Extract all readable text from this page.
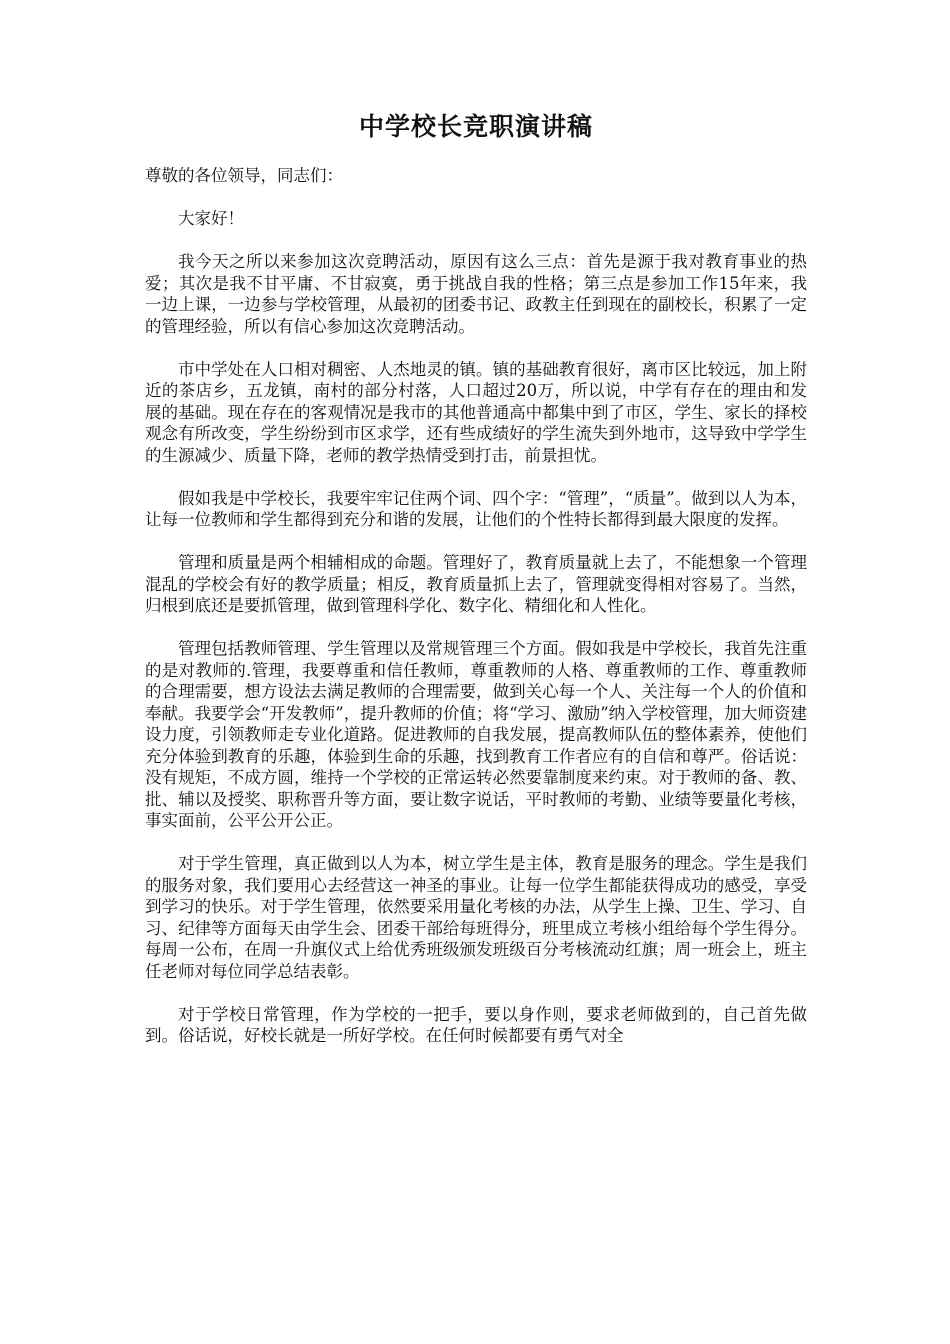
中学校长竞职演讲稿

尊敬的各位领导，同志们：

大家好！

我今天之所以来参加这次竞聘活动，原因有这么三点：首先是源于我对教育事业的热爱；其次是我不甘平庸、不甘寂寞，勇于挑战自我的性格；第三点是参加工作15年来，我一边上课，一边参与学校管理，从最初的团委书记、政教主任到现在的副校长，积累了一定的管理经验，所以有信心参加这次竞聘活动。

市中学处在人口相对稠密、人杰地灵的镇。镇的基础教育很好，离市区比较远，加上附近的茶店乡，五龙镇，南村的部分村落，人口超过20万，所以说，中学有存在的理由和发展的基础。现在存在的客观情况是我市的其他普通高中都集中到了市区，学生、家长的择校观念有所改变，学生纷纷到市区求学，还有些成绩好的学生流失到外地市，这导致中学学生的生源减少、质量下降，老师的教学热情受到打击，前景担忧。

假如我是中学校长，我要牢牢记住两个词、四个字：“管理”，“质量”。做到以人为本，让每一位教师和学生都得到充分和谐的发展，让他们的个性特长都得到最大限度的发挥。

管理和质量是两个相辅相成的命题。管理好了，教育质量就上去了，不能想象一个管理混乱的学校会有好的教学质量；相反，教育质量抓上去了，管理就变得相对容易了。当然，归根到底还是要抓管理，做到管理科学化、数字化、精细化和人性化。

管理包括教师管理、学生管理以及常规管理三个方面。假如我是中学校长，我首先注重的是对教师的.管理，我要尊重和信任教师，尊重教师的人格、尊重教师的工作、尊重教师的合理需要，想方设法去满足教师的合理需要，做到关心每一个人、关注每一个人的价值和奉献。我要学会“开发教师”，提升教师的价值；将“学习、激励”纳入学校管理，加大师资建设力度，引领教师走专业化道路。促进教师的自我发展，提高教师队伍的整体素养，使他们充分体验到教育的乐趣，体验到生命的乐趣，找到教育工作者应有的自信和尊严。俗话说：没有规矩，不成方圆，维持一个学校的正常运转必然要靠制度来约束。对于教师的备、教、批、辅以及授奖、职称晋升等方面，要让数字说话，平时教师的考勤、业绩等要量化考核，事实面前，公平公开公正。

对于学生管理，真正做到以人为本，树立学生是主体，教育是服务的理念。学生是我们的服务对象，我们要用心去经营这一神圣的事业。让每一位学生都能获得成功的感受，享受到学习的快乐。对于学生管理，依然要采用量化考核的办法，从学生上操、卫生、学习、自习、纪律等方面每天由学生会、团委干部给每班得分，班里成立考核小组给每个学生得分。每周一公布，在周一升旗仪式上给优秀班级颁发班级百分考核流动红旗；周一班会上，班主任老师对每位同学总结表彰。

对于学校日常管理，作为学校的一把手，要以身作则，要求老师做到的，自己首先做到。俗话说，好校长就是一所好学校。在任何时候都要有勇气对全
